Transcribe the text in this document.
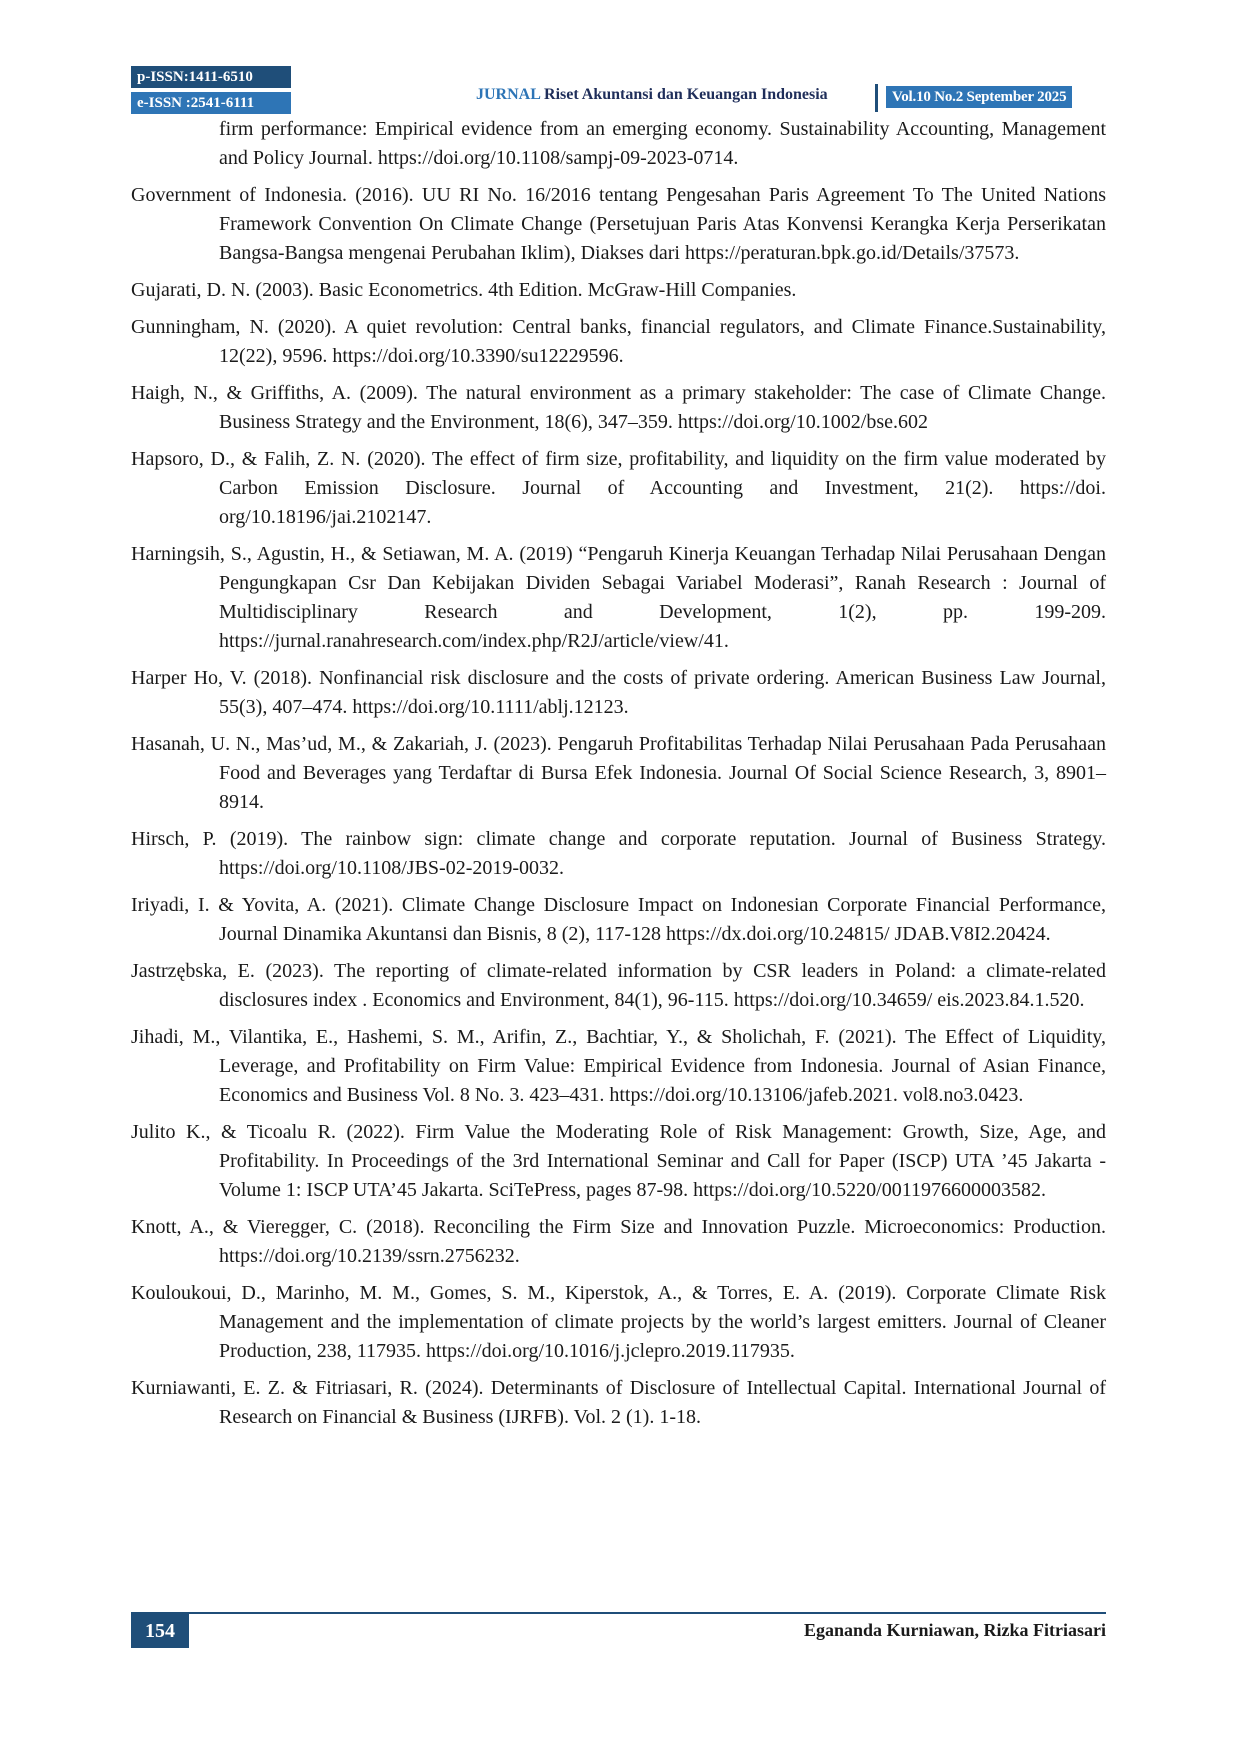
p-ISSN:1411-6510
e-ISSN :2541-6111	JURNAL Riset Akuntansi dan Keuangan Indonesia	Vol.10 No.2 September 2025

firm performance: Empirical evidence from an emerging economy. Sustainability Accounting, Management and Policy Journal. https://doi.org/10.1108/sampj-09-2023-0714.

Government of Indonesia. (2016). UU RI No. 16/2016 tentang Pengesahan Paris Agreement To The United Nations Framework Convention On Climate Change (Persetujuan Paris Atas Konvensi Kerangka Kerja Perserikatan Bangsa-Bangsa mengenai Perubahan Iklim), Diakses dari https://peraturan.bpk.go.id/Details/37573.

Gujarati, D. N. (2003). Basic Econometrics. 4th Edition. McGraw-Hill Companies.

Gunningham, N. (2020). A quiet revolution: Central banks, financial regulators, and Climate Finance.Sustainability, 12(22), 9596. https://doi.org/10.3390/su12229596.

Haigh, N., & Griffiths, A. (2009). The natural environment as a primary stakeholder: The case of Climate Change. Business Strategy and the Environment, 18(6), 347–359. https://doi.org/10.1002/bse.602

Hapsoro, D., & Falih, Z. N. (2020). The effect of firm size, profitability, and liquidity on the firm value moderated by Carbon Emission Disclosure. Journal of Accounting and Investment, 21(2). https://doi. org/10.18196/jai.2102147.

Harningsih, S., Agustin, H., & Setiawan, M. A. (2019) “Pengaruh Kinerja Keuangan Terhadap Nilai Perusahaan Dengan Pengungkapan Csr Dan Kebijakan Dividen Sebagai Variabel Moderasi”, Ranah Research : Journal of Multidisciplinary Research and Development, 1(2), pp. 199-209. https://jurnal.ranahresearch.com/index.php/R2J/article/view/41.

Harper Ho, V. (2018). Nonfinancial risk disclosure and the costs of private ordering. American Business Law Journal, 55(3), 407–474. https://doi.org/10.1111/ablj.12123.

Hasanah, U. N., Mas’ud, M., & Zakariah, J. (2023). Pengaruh Profitabilitas Terhadap Nilai Perusahaan Pada Perusahaan Food and Beverages yang Terdaftar di Bursa Efek Indonesia. Journal Of Social Science Research, 3, 8901–8914.

Hirsch, P. (2019). The rainbow sign: climate change and corporate reputation. Journal of Business Strategy. https://doi.org/10.1108/JBS-02-2019-0032.

Iriyadi, I. & Yovita, A. (2021). Climate Change Disclosure Impact on Indonesian Corporate Financial Performance, Journal Dinamika Akuntansi dan Bisnis, 8 (2), 117-128 https://dx.doi.org/10.24815/ JDAB.V8I2.20424.

Jastrzębska, E. (2023). The reporting of climate-related information by CSR leaders in Poland: a climate-related disclosures index . Economics and Environment, 84(1), 96-115. https://doi.org/10.34659/ eis.2023.84.1.520.

Jihadi, M., Vilantika, E., Hashemi, S. M., Arifin, Z., Bachtiar, Y., & Sholichah, F. (2021). The Effect of Liquidity, Leverage, and Profitability on Firm Value: Empirical Evidence from Indonesia. Journal of Asian Finance, Economics and Business Vol. 8 No. 3. 423–431. https://doi.org/10.13106/jafeb.2021. vol8.no3.0423.

Julito K., & Ticoalu R. (2022). Firm Value the Moderating Role of Risk Management: Growth, Size, Age, and Profitability. In Proceedings of the 3rd International Seminar and Call for Paper (ISCP) UTA ’45 Jakarta - Volume 1: ISCP UTA’45 Jakarta. SciTePress, pages 87-98. https://doi.org/10.5220/0011976600003582.

Knott, A., & Vieregger, C. (2018). Reconciling the Firm Size and Innovation Puzzle. Microeconomics: Production. https://doi.org/10.2139/ssrn.2756232.

Kouloukoui, D., Marinho, M. M., Gomes, S. M., Kiperstok, A., & Torres, E. A. (2019). Corporate Climate Risk Management and the implementation of climate projects by the world’s largest emitters. Journal of Cleaner Production, 238, 117935. https://doi.org/10.1016/j.jclepro.2019.117935.

Kurniawanti, E. Z. & Fitriasari, R. (2024). Determinants of Disclosure of Intellectual Capital. International Journal of Research on Financial & Business (IJRFB). Vol. 2 (1). 1-18.

154	Egananda Kurniawan, Rizka Fitriasari
